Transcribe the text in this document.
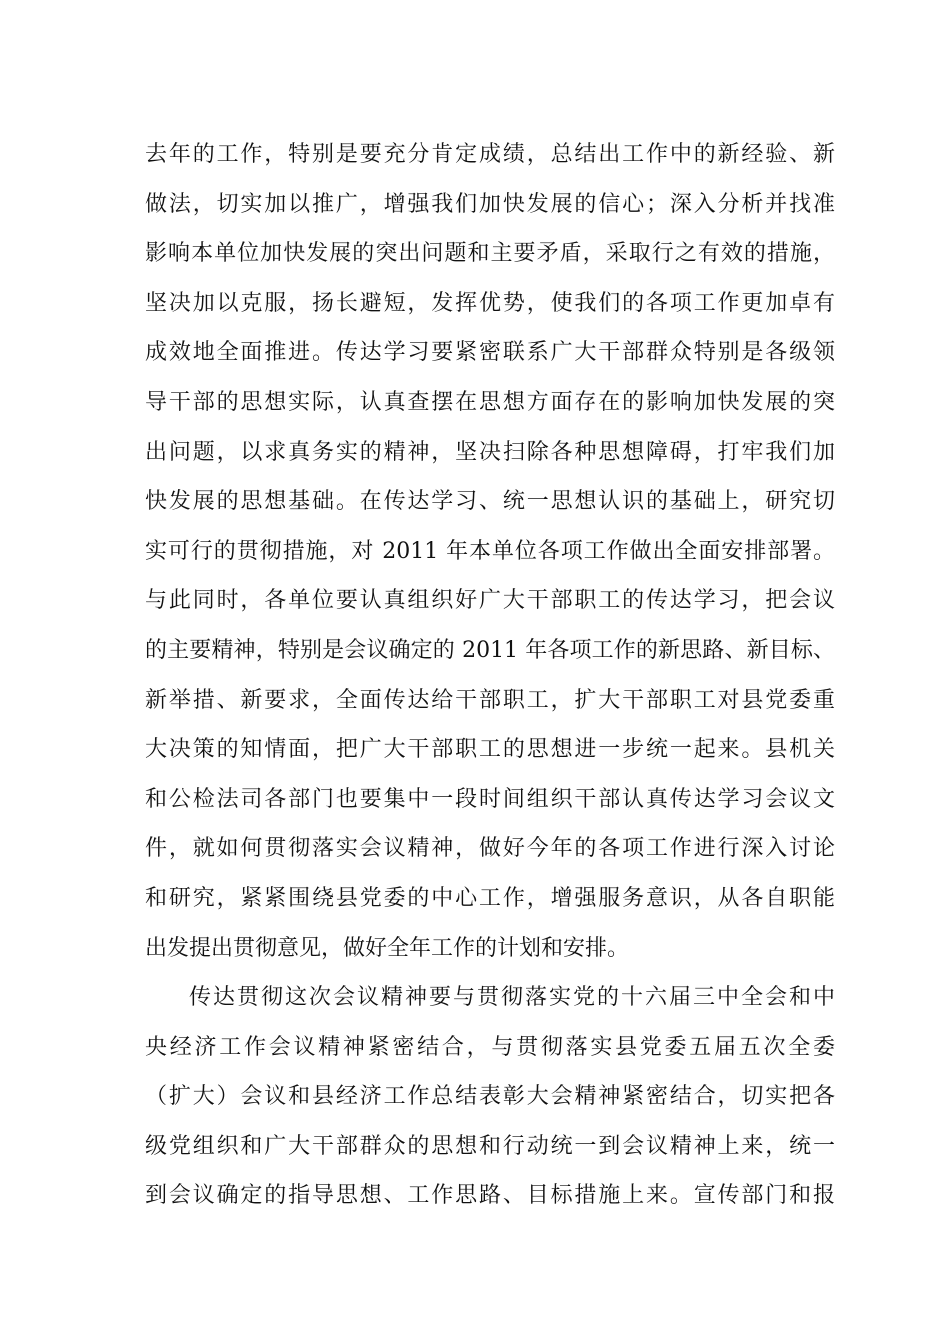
去年的工作，特别是要充分肯定成绩，总结出工作中的新经验、新
做法，切实加以推广，增强我们加快发展的信心；深入分析并找准
影响本单位加快发展的突出问题和主要矛盾，采取行之有效的措施，
坚决加以克服，扬长避短，发挥优势，使我们的各项工作更加卓有
成效地全面推进。传达学习要紧密联系广大干部群众特别是各级领
导干部的思想实际，认真查摆在思想方面存在的影响加快发展的突
出问题，以求真务实的精神，坚决扫除各种思想障碍，打牢我们加
快发展的思想基础。在传达学习、统一思想认识的基础上，研究切
实可行的贯彻措施，对 2011 年本单位各项工作做出全面安排部署。
与此同时，各单位要认真组织好广大干部职工的传达学习，把会议
的主要精神，特别是会议确定的 2011 年各项工作的新思路、新目标、
新举措、新要求，全面传达给干部职工，扩大干部职工对县党委重
大决策的知情面，把广大干部职工的思想进一步统一起来。县机关
和公检法司各部门也要集中一段时间组织干部认真传达学习会议文
件，就如何贯彻落实会议精神，做好今年的各项工作进行深入讨论
和研究，紧紧围绕县党委的中心工作，增强服务意识，从各自职能
出发提出贯彻意见，做好全年工作的计划和安排。
传达贯彻这次会议精神要与贯彻落实党的十六届三中全会和中
央经济工作会议精神紧密结合，与贯彻落实县党委五届五次全委
（扩大）会议和县经济工作总结表彰大会精神紧密结合，切实把各
级党组织和广大干部群众的思想和行动统一到会议精神上来，统一
到会议确定的指导思想、工作思路、目标措施上来。宣传部门和报
